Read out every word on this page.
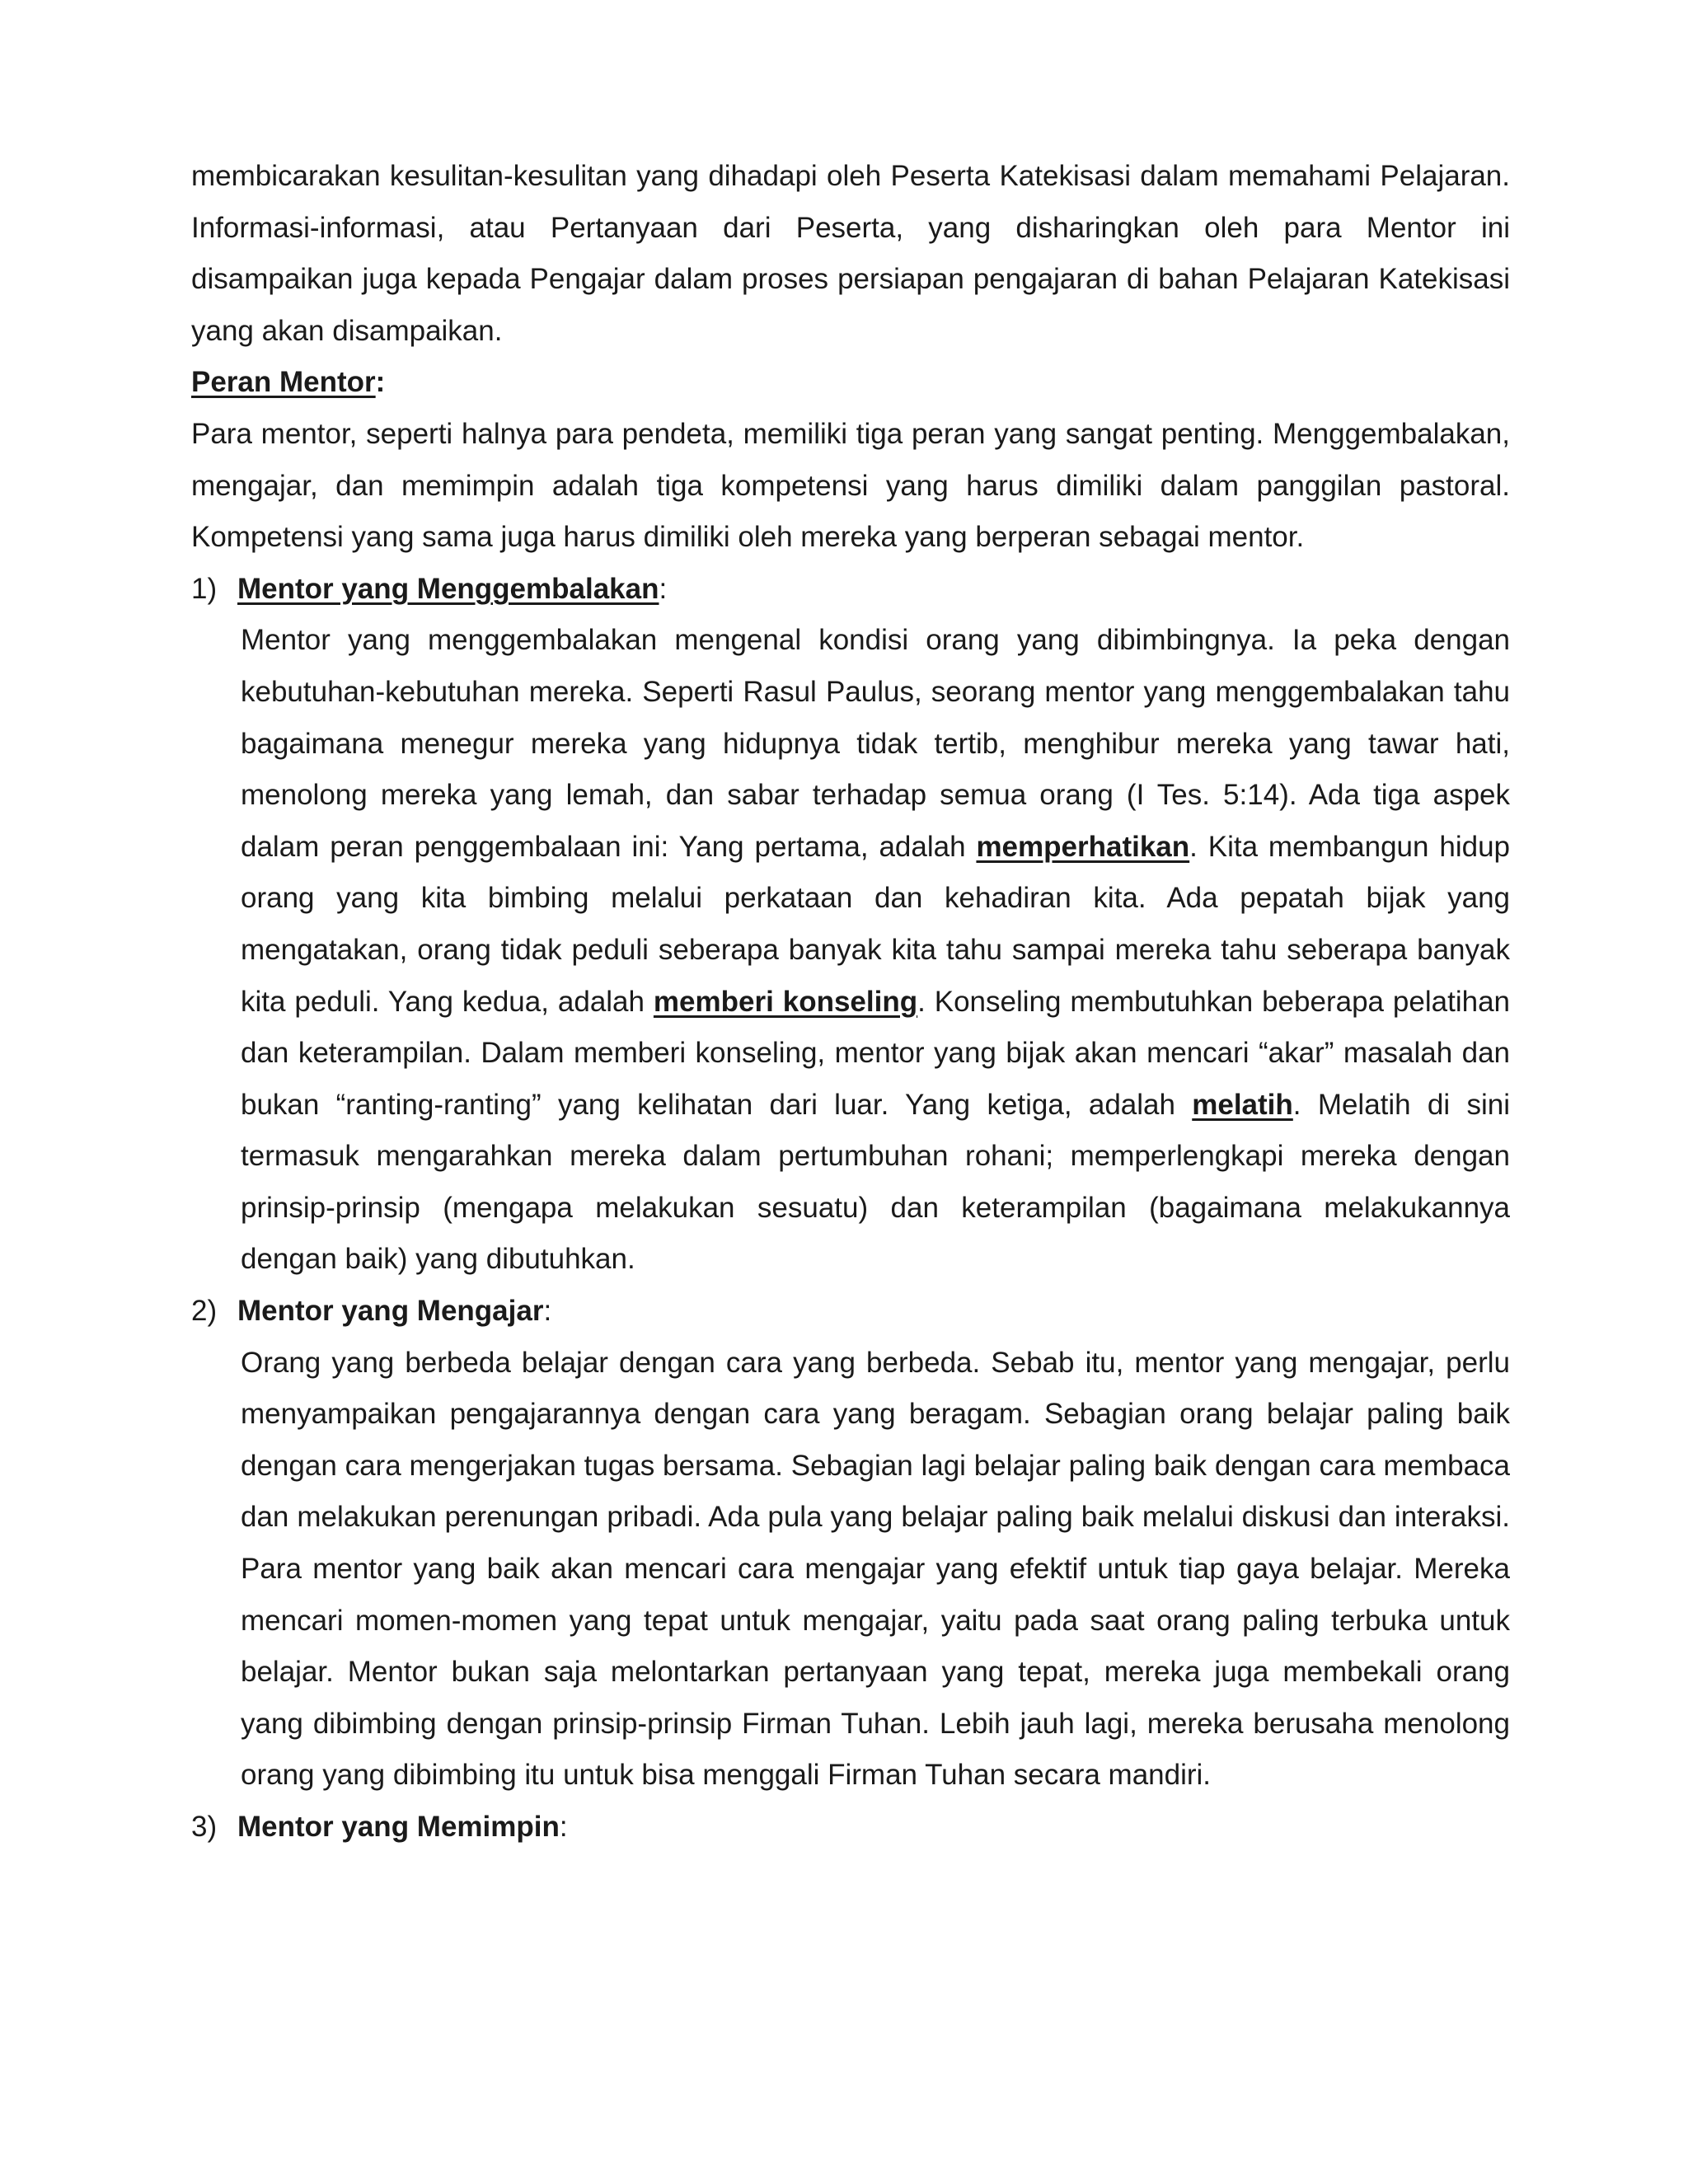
membicarakan kesulitan-kesulitan yang dihadapi oleh Peserta Katekisasi dalam memahami Pelajaran. Informasi-informasi, atau Pertanyaan dari Peserta, yang disharingkan oleh para Mentor ini disampaikan juga kepada Pengajar dalam proses persiapan pengajaran di bahan Pelajaran Katekisasi yang akan disampaikan.

Peran Mentor:

Para mentor, seperti halnya para pendeta, memiliki tiga peran yang sangat penting. Menggembalakan, mengajar, dan memimpin adalah tiga kompetensi yang harus dimiliki dalam panggilan pastoral. Kompetensi yang sama juga harus dimiliki oleh mereka yang berperan sebagai mentor.

1) Mentor yang Menggembalakan:

Mentor yang menggembalakan mengenal kondisi orang yang dibimbingnya. Ia peka dengan kebutuhan-kebutuhan mereka. Seperti Rasul Paulus, seorang mentor yang menggembalakan tahu bagaimana menegur mereka yang hidupnya tidak tertib, menghibur mereka yang tawar hati, menolong mereka yang lemah, dan sabar terhadap semua orang (I Tes. 5:14). Ada tiga aspek dalam peran penggembalaan ini: Yang pertama, adalah memperhatikan. Kita membangun hidup orang yang kita bimbing melalui perkataan dan kehadiran kita. Ada pepatah bijak yang mengatakan, orang tidak peduli seberapa banyak kita tahu sampai mereka tahu seberapa banyak kita peduli. Yang kedua, adalah memberi konseling. Konseling membutuhkan beberapa pelatihan dan keterampilan. Dalam memberi konseling, mentor yang bijak akan mencari “akar” masalah dan bukan “ranting-ranting” yang kelihatan dari luar. Yang ketiga, adalah melatih. Melatih di sini termasuk mengarahkan mereka dalam pertumbuhan rohani; memperlengkapi mereka dengan prinsip-prinsip (mengapa melakukan sesuatu) dan keterampilan (bagaimana melakukannya dengan baik) yang dibutuhkan.

2) Mentor yang Mengajar:

Orang yang berbeda belajar dengan cara yang berbeda. Sebab itu, mentor yang mengajar, perlu menyampaikan pengajarannya dengan cara yang beragam. Sebagian orang belajar paling baik dengan cara mengerjakan tugas bersama. Sebagian lagi belajar paling baik dengan cara membaca dan melakukan perenungan pribadi. Ada pula yang belajar paling baik melalui diskusi dan interaksi. Para mentor yang baik akan mencari cara mengajar yang efektif untuk tiap gaya belajar. Mereka mencari momen-momen yang tepat untuk mengajar, yaitu pada saat orang paling terbuka untuk belajar. Mentor bukan saja melontarkan pertanyaan yang tepat, mereka juga membekali orang yang dibimbing dengan prinsip-prinsip Firman Tuhan. Lebih jauh lagi, mereka berusaha menolong orang yang dibimbing itu untuk bisa menggali Firman Tuhan secara mandiri.

3) Mentor yang Memimpin:
